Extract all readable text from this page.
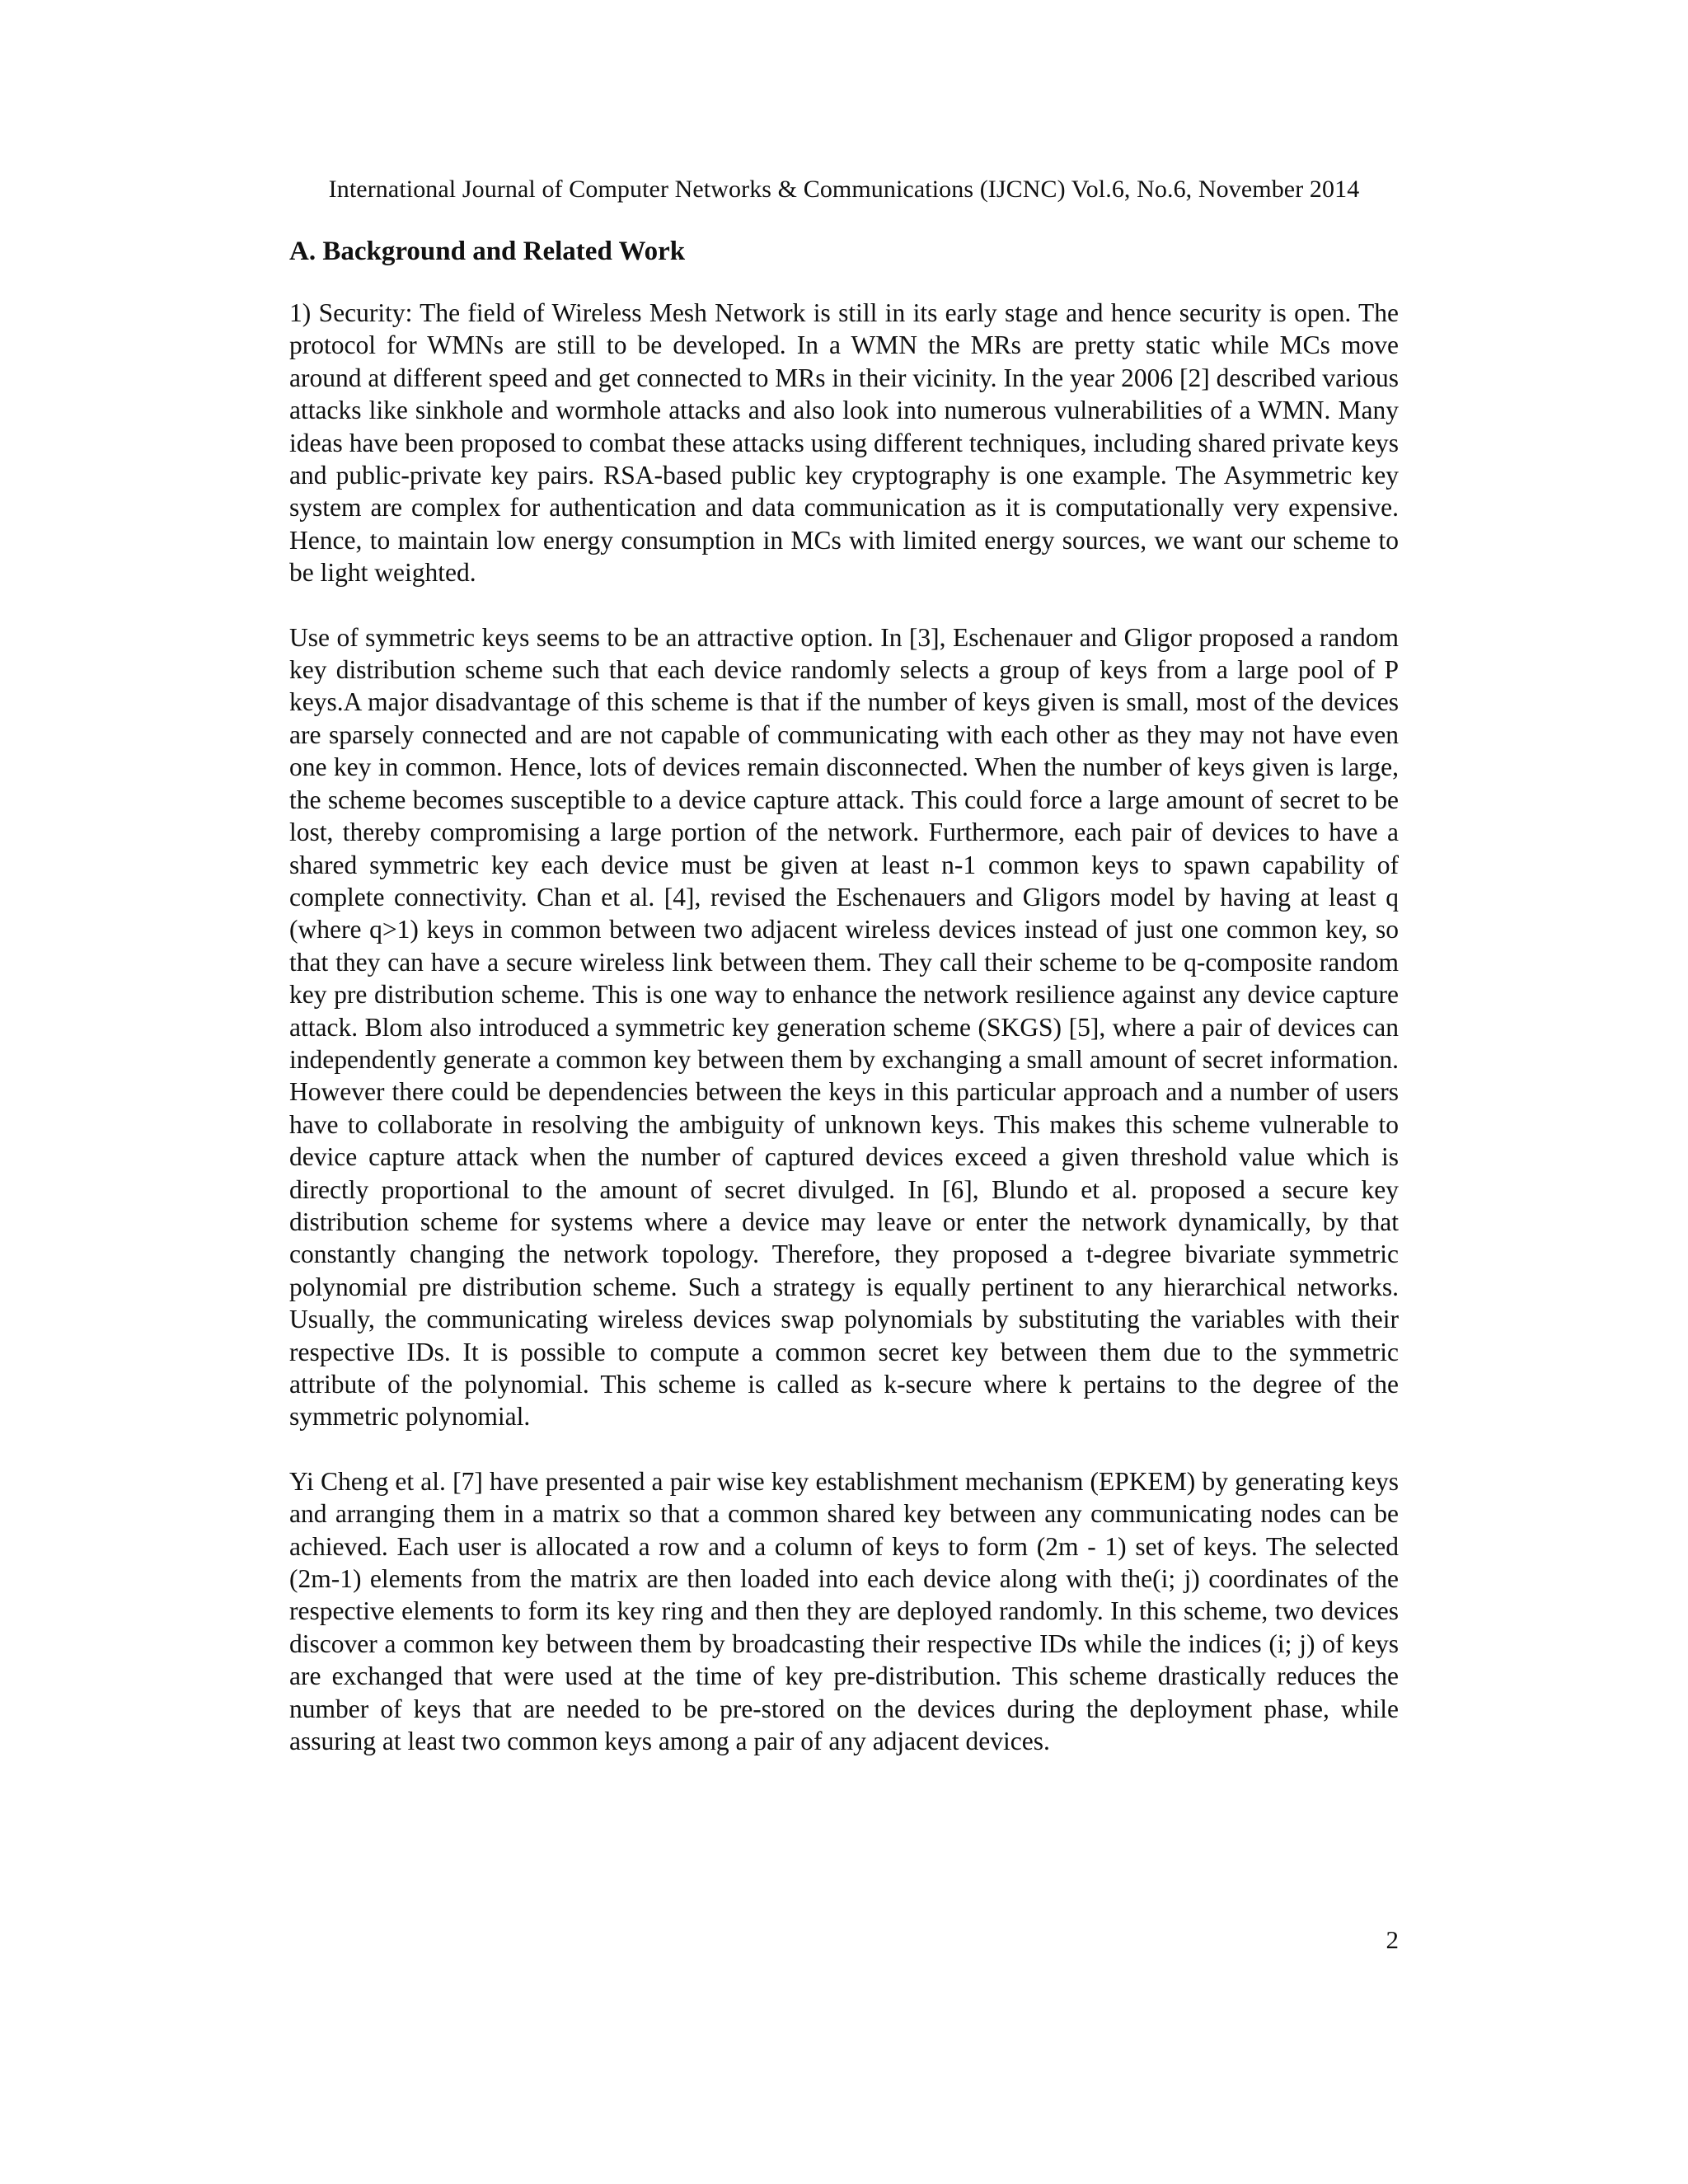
International Journal of Computer Networks & Communications (IJCNC) Vol.6, No.6, November 2014
A. Background and Related Work

1) Security: The field of Wireless Mesh Network is still in its early stage and hence security is open. The protocol for WMNs are still to be developed. In a WMN the MRs are pretty static while MCs move around at different speed and get connected to MRs in their vicinity. In the year 2006 [2] described various attacks like sinkhole and wormhole attacks and also look into numerous vulnerabilities of a WMN. Many ideas have been proposed to combat these attacks using different techniques, including shared private keys and public-private key pairs. RSA-based public key cryptography is one example. The Asymmetric key system are complex for authentication and data communication as it is computationally very expensive. Hence, to maintain low energy consumption in MCs with limited energy sources, we want our scheme to be light weighted.

Use of symmetric keys seems to be an attractive option. In [3], Eschenauer and Gligor proposed a random key distribution scheme such that each device randomly selects a group of keys from a large pool of P keys.A major disadvantage of this scheme is that if the number of keys given is small, most of the devices are sparsely connected and are not capable of communicating with each other as they may not have even one key in common. Hence, lots of devices remain disconnected. When the number of keys given is large, the scheme becomes susceptible to a device capture attack. This could force a large amount of secret to be lost, thereby compromising a large portion of the network. Furthermore, each pair of devices to have a shared symmetric key each device must be given at least n-1 common keys to spawn capability of complete connectivity. Chan et al. [4], revised the Eschenauers and Gligors model by having at least q (where q>1) keys in common between two adjacent wireless devices instead of just one common key, so that they can have a secure wireless link between them. They call their scheme to be q-composite random key pre distribution scheme. This is one way to enhance the network resilience against any device capture attack. Blom also introduced a symmetric key generation scheme (SKGS) [5], where a pair of devices can independently generate a common key between them by exchanging a small amount of secret information. However there could be dependencies between the keys in this particular approach and a number of users have to collaborate in resolving the ambiguity of unknown keys. This makes this scheme vulnerable to device capture attack when the number of captured devices exceed a given threshold value which is directly proportional to the amount of secret divulged. In [6], Blundo et al. proposed a secure key distribution scheme for systems where a device may leave or enter the network dynamically, by that constantly changing the network topology. Therefore, they proposed a t-degree bivariate symmetric polynomial pre distribution scheme. Such a strategy is equally pertinent to any hierarchical networks. Usually, the communicating wireless devices swap polynomials by substituting the variables with their respective IDs. It is possible to compute a common secret key between them due to the symmetric attribute of the polynomial. This scheme is called as k-secure where k pertains to the degree of the symmetric polynomial.

Yi Cheng et al. [7] have presented a pair wise key establishment mechanism (EPKEM) by generating keys and arranging them in a matrix so that a common shared key between any communicating nodes can be achieved. Each user is allocated a row and a column of keys to form (2m - 1) set of keys. The selected (2m-1) elements from the matrix are then loaded into each device along with the(i; j) coordinates of the respective elements to form its key ring and then they are deployed randomly. In this scheme, two devices discover a common key between them by broadcasting their respective IDs while the indices (i; j) of keys are exchanged that were used at the time of key pre-distribution. This scheme drastically reduces the number of keys that are needed to be pre-stored on the devices during the deployment phase, while assuring at least two common keys among a pair of any adjacent devices.

2
